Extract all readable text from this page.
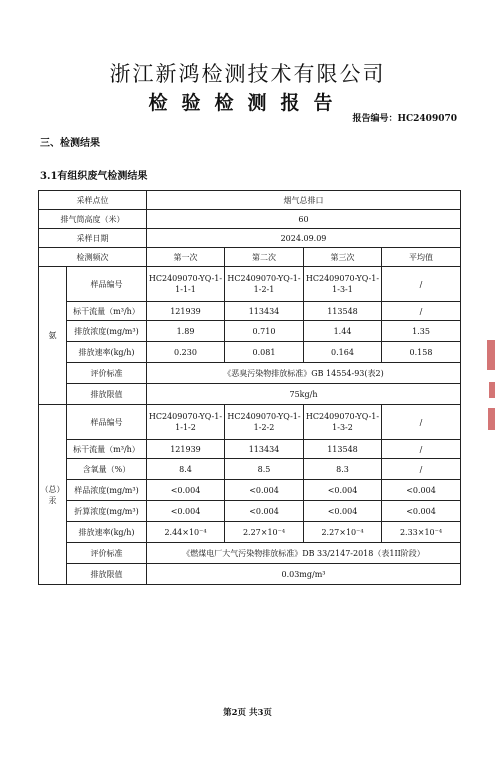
浙江新鸿检测技术有限公司
检验检测报告
报告编号：HC2409070
三、检测结果
3.1有组织废气检测结果
采样点位		烟气总排口			
排气筒高度（米）		60			
采样日期		2024.09.09			
检测频次		第一次	第二次	第三次	平均值
氨	样品编号	HC2409070-YQ-1-1-1-1	HC2409070-YQ-1-1-2-1	HC2409070-YQ-1-1-3-1	/
	标干流量（m³/h）	121939	113434	113548	/
	排放浓度(mg/m³)	1.89	0.710	1.44	1.35
	排放速率(kg/h)	0.230	0.081	0.164	0.158
	评价标准	《恶臭污染物排放标准》GB 14554-93(表2)			
	排放限值	75kg/h			
（总）汞	样品编号	HC2409070-YQ-1-1-1-2	HC2409070-YQ-1-1-2-2	HC2409070-YQ-1-1-3-2	/
	标干流量（m³/h）	121939	113434	113548	/
	含氧量（%）	8.4	8.5	8.3	/
	样品浓度(mg/m³)	<0.004	<0.004	<0.004	<0.004
	折算浓度(mg/m³)	<0.004	<0.004	<0.004	<0.004
	排放速率(kg/h)	2.44×10⁻⁴	2.27×10⁻⁴	2.27×10⁻⁴	2.33×10⁻⁴
	评价标准	《燃煤电厂大气污染物排放标准》DB 33/2147-2018（表1II阶段）			
	排放限值	0.03mg/m³			
第2页 共3页
